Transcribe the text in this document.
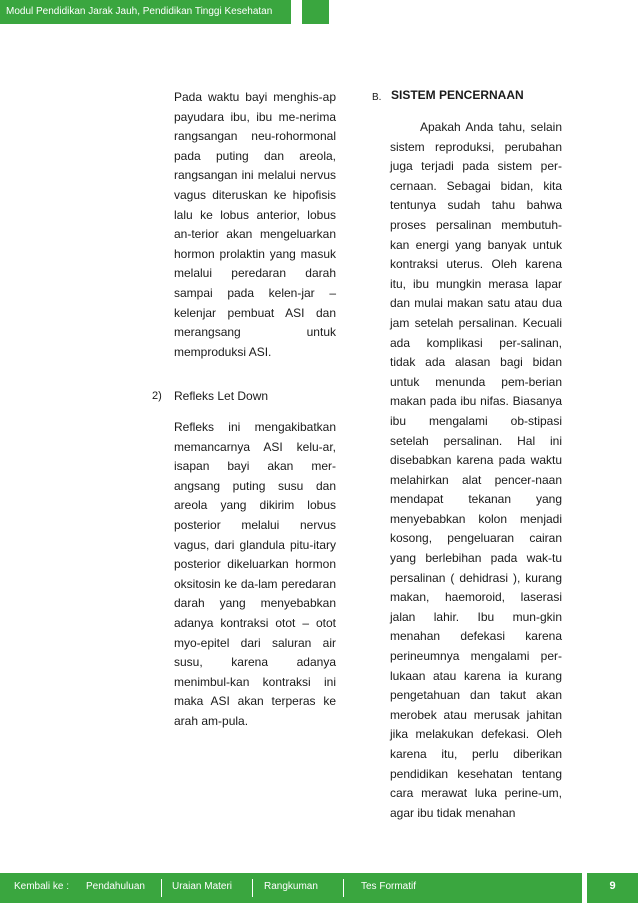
Modul Pendidikan Jarak Jauh, Pendidikan Tinggi Kesehatan

Pada waktu bayi menghis-ap payudara ibu, ibu me-nerima rangsangan neu-rohormonal pada puting dan areola, rangsangan ini melalui nervus vagus diteruskan ke hipofisis lalu ke lobus anterior, lobus an-terior akan mengeluarkan hormon prolaktin yang masuk melalui peredaran darah sampai pada kelen-jar – kelenjar pembuat ASI dan merangsang untuk memproduksi ASI.

2) Refleks Let Down

Refleks ini mengakibatkan memancarnya ASI kelu-ar, isapan bayi akan mer-angsang puting susu dan areola yang dikirim lobus posterior melalui nervus vagus, dari glandula pitu-itary posterior dikeluarkan hormon oksitosin ke da-lam peredaran darah yang menyebabkan adanya kontraksi otot – otot myo-epitel dari saluran air susu, karena adanya menimbul-kan kontraksi ini maka ASI akan terperas ke arah am-pula.

B. SISTEM PENCERNAAN

Apakah Anda tahu, selain sistem reproduksi, perubahan juga terjadi pada sistem per-cernaan. Sebagai bidan, kita tentunya sudah tahu bahwa proses persalinan membutuh-kan energi yang banyak untuk kontraksi uterus. Oleh karena itu, ibu mungkin merasa lapar dan mulai makan satu atau dua jam setelah persalinan. Kecuali ada komplikasi per-salinan, tidak ada alasan bagi bidan untuk menunda pem-berian makan pada ibu nifas. Biasanya ibu mengalami ob-stipasi setelah persalinan. Hal ini disebabkan karena pada waktu melahirkan alat pencer-naan mendapat tekanan yang menyebabkan kolon menjadi kosong, pengeluaran cairan yang berlebihan pada wak-tu persalinan ( dehidrasi ), kurang makan, haemoroid, laserasi jalan lahir. Ibu mun-gkin menahan defekasi karena perineumnya mengalami per-lukaan atau karena ia kurang pengetahuan dan takut akan merobek atau merusak jahitan jika melakukan defekasi. Oleh karena itu, perlu diberikan pendidikan kesehatan tentang cara merawat luka perine-um, agar ibu tidak menahan

Kembali ke : Pendahuluan	Uraian Materi	Rangkuman	Tes Formatif	9
